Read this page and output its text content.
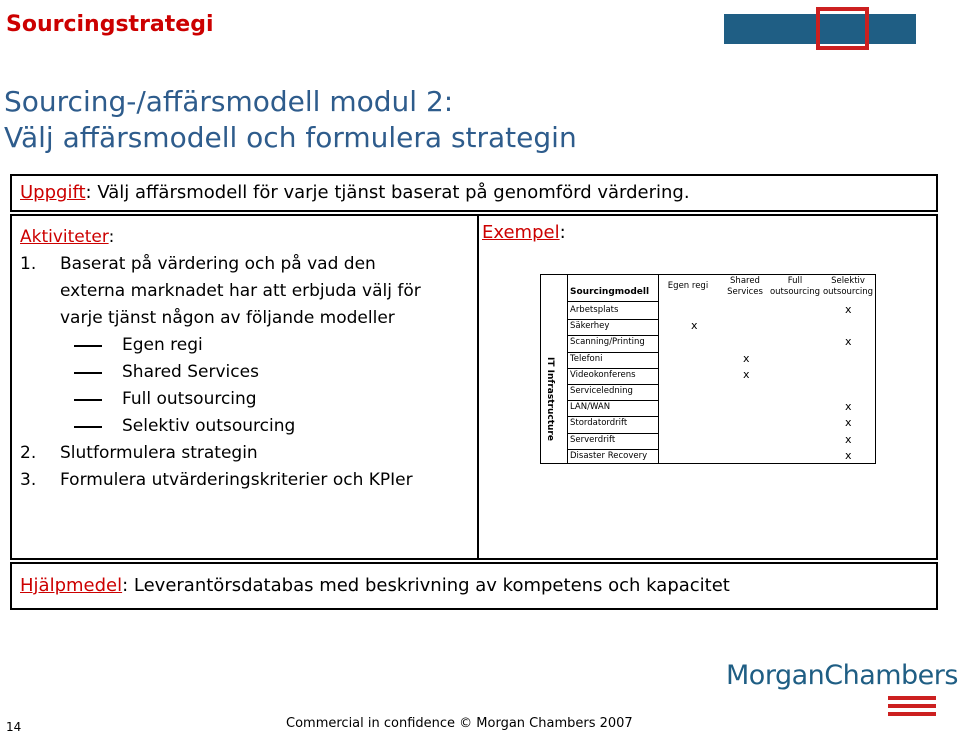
Sourcingstrategi
Sourcing-/affärsmodell modul 2:
Välj affärsmodell och formulera strategin
Uppgift: Välj affärsmodell för varje tjänst baserat på genomförd värdering.
Aktiviteter:
1. Baserat på värdering och på vad den
externa marknadet har att erbjuda välj för
varje tjänst någon av följande modeller
Egen regi
Shared Services
Full outsourcing
Selektiv outsourcing
2. Slutformulera strategin
3. Formulera utvärderingskriterier och KPIer
Exempel:
IT Infrastructure
Sourcingmodell
Arbetsplats
Säkerhey
Scanning/Printing
Telefoni
Videokonferens
Serviceledning
LAN/WAN
Stordatordrift
Serverdrift
Disaster Recovery
Egen regi	Shared
Services
Full
outsourcing
Selektiv
outsourcing
x
x
x
x
x
x
x
x
x
Hjälpmedel: Leverantörsdatabas med beskrivning av kompetens och kapacitet
MorganChambers
14	Commercial in confidence © Morgan Chambers 2007
